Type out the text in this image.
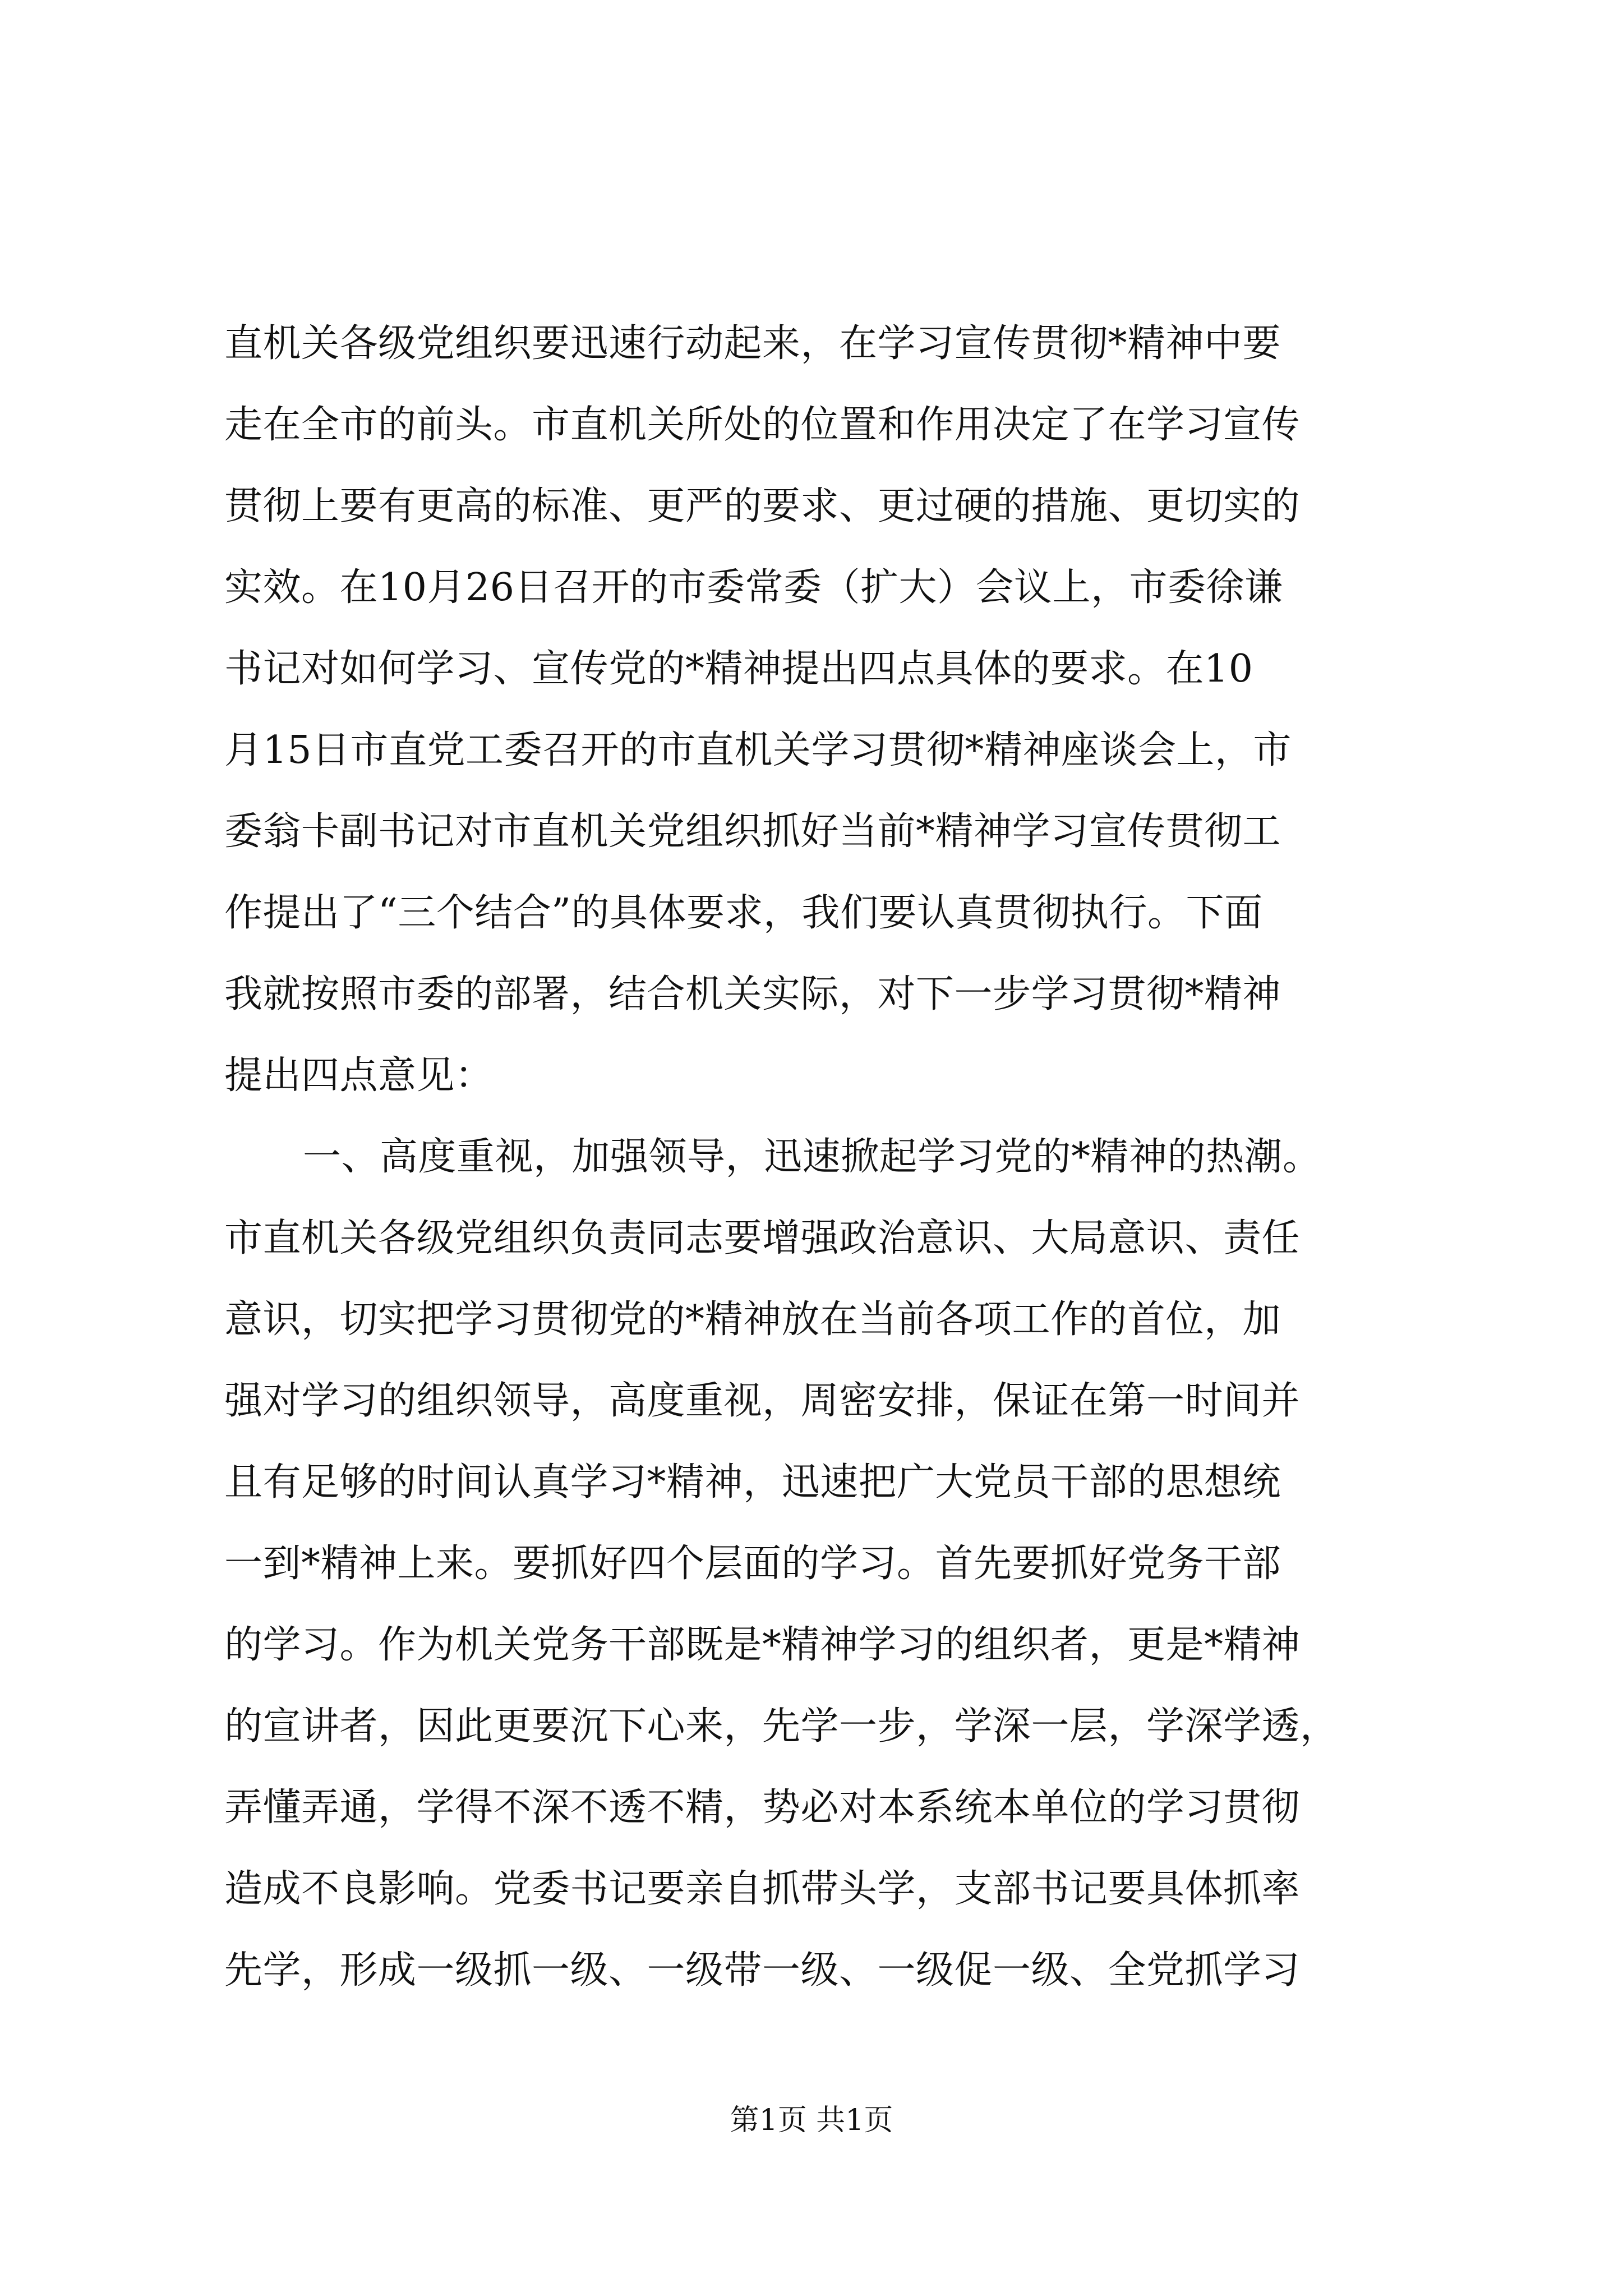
直机关各级党组织要迅速行动起来，在学习宣传贯彻*精神中要
走在全市的前头。市直机关所处的位置和作用决定了在学习宣传
贯彻上要有更高的标准、更严的要求、更过硬的措施、更切实的
实效。在10月26日召开的市委常委（扩大）会议上，市委徐谦
书记对如何学习、宣传党的*精神提出四点具体的要求。在10
月15日市直党工委召开的市直机关学习贯彻*精神座谈会上，市
委翁卡副书记对市直机关党组织抓好当前*精神学习宣传贯彻工
作提出了“三个结合”的具体要求，我们要认真贯彻执行。下面
我就按照市委的部署，结合机关实际，对下一步学习贯彻*精神
提出四点意见：
一、高度重视，加强领导，迅速掀起学习党的*精神的热潮。
市直机关各级党组织负责同志要增强政治意识、大局意识、责任
意识，切实把学习贯彻党的*精神放在当前各项工作的首位，加
强对学习的组织领导，高度重视，周密安排，保证在第一时间并
且有足够的时间认真学习*精神，迅速把广大党员干部的思想统
一到*精神上来。要抓好四个层面的学习。首先要抓好党务干部
的学习。作为机关党务干部既是*精神学习的组织者，更是*精神
的宣讲者，因此更要沉下心来，先学一步，学深一层，学深学透，
弄懂弄通，学得不深不透不精，势必对本系统本单位的学习贯彻
造成不良影响。党委书记要亲自抓带头学，支部书记要具体抓率
先学，形成一级抓一级、一级带一级、一级促一级、全党抓学习
第1页 共1页
